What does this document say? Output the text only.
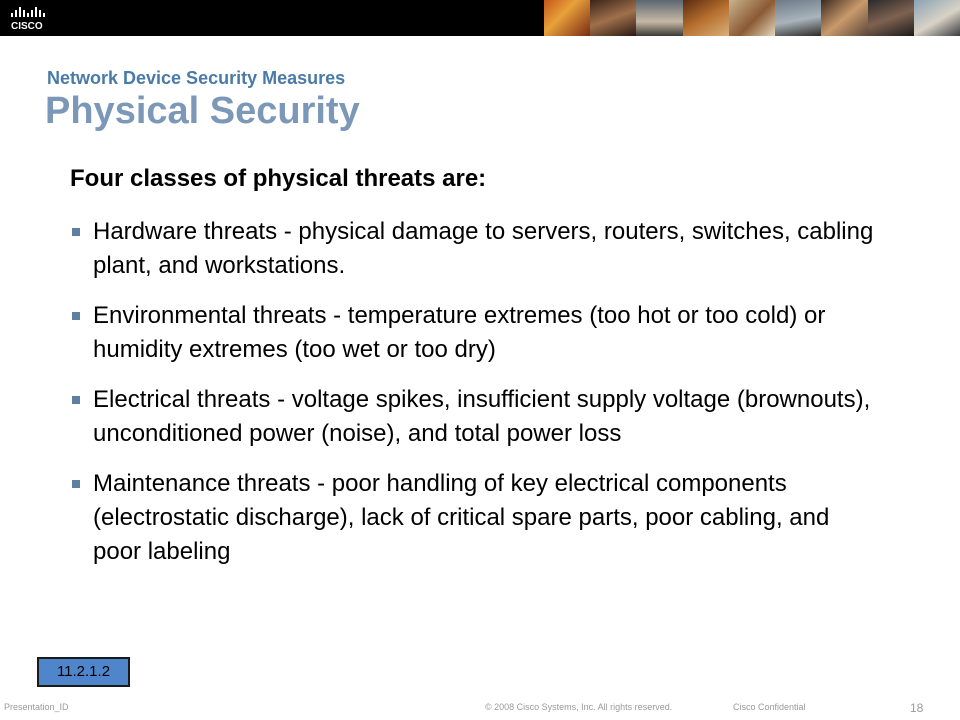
CISCO
Network Device Security Measures
Physical Security
Four classes of physical threats are:
Hardware threats - physical damage to servers, routers, switches, cabling plant, and workstations.
Environmental threats - temperature extremes (too hot or too cold) or humidity extremes (too wet or too dry)
Electrical threats - voltage spikes, insufficient supply voltage (brownouts), unconditioned power (noise), and total power loss
Maintenance threats - poor handling of key electrical components (electrostatic discharge), lack of critical spare parts, poor cabling, and poor labeling
11.2.1.2
Presentation_ID	© 2008 Cisco Systems, Inc. All rights reserved.	Cisco Confidential	18
